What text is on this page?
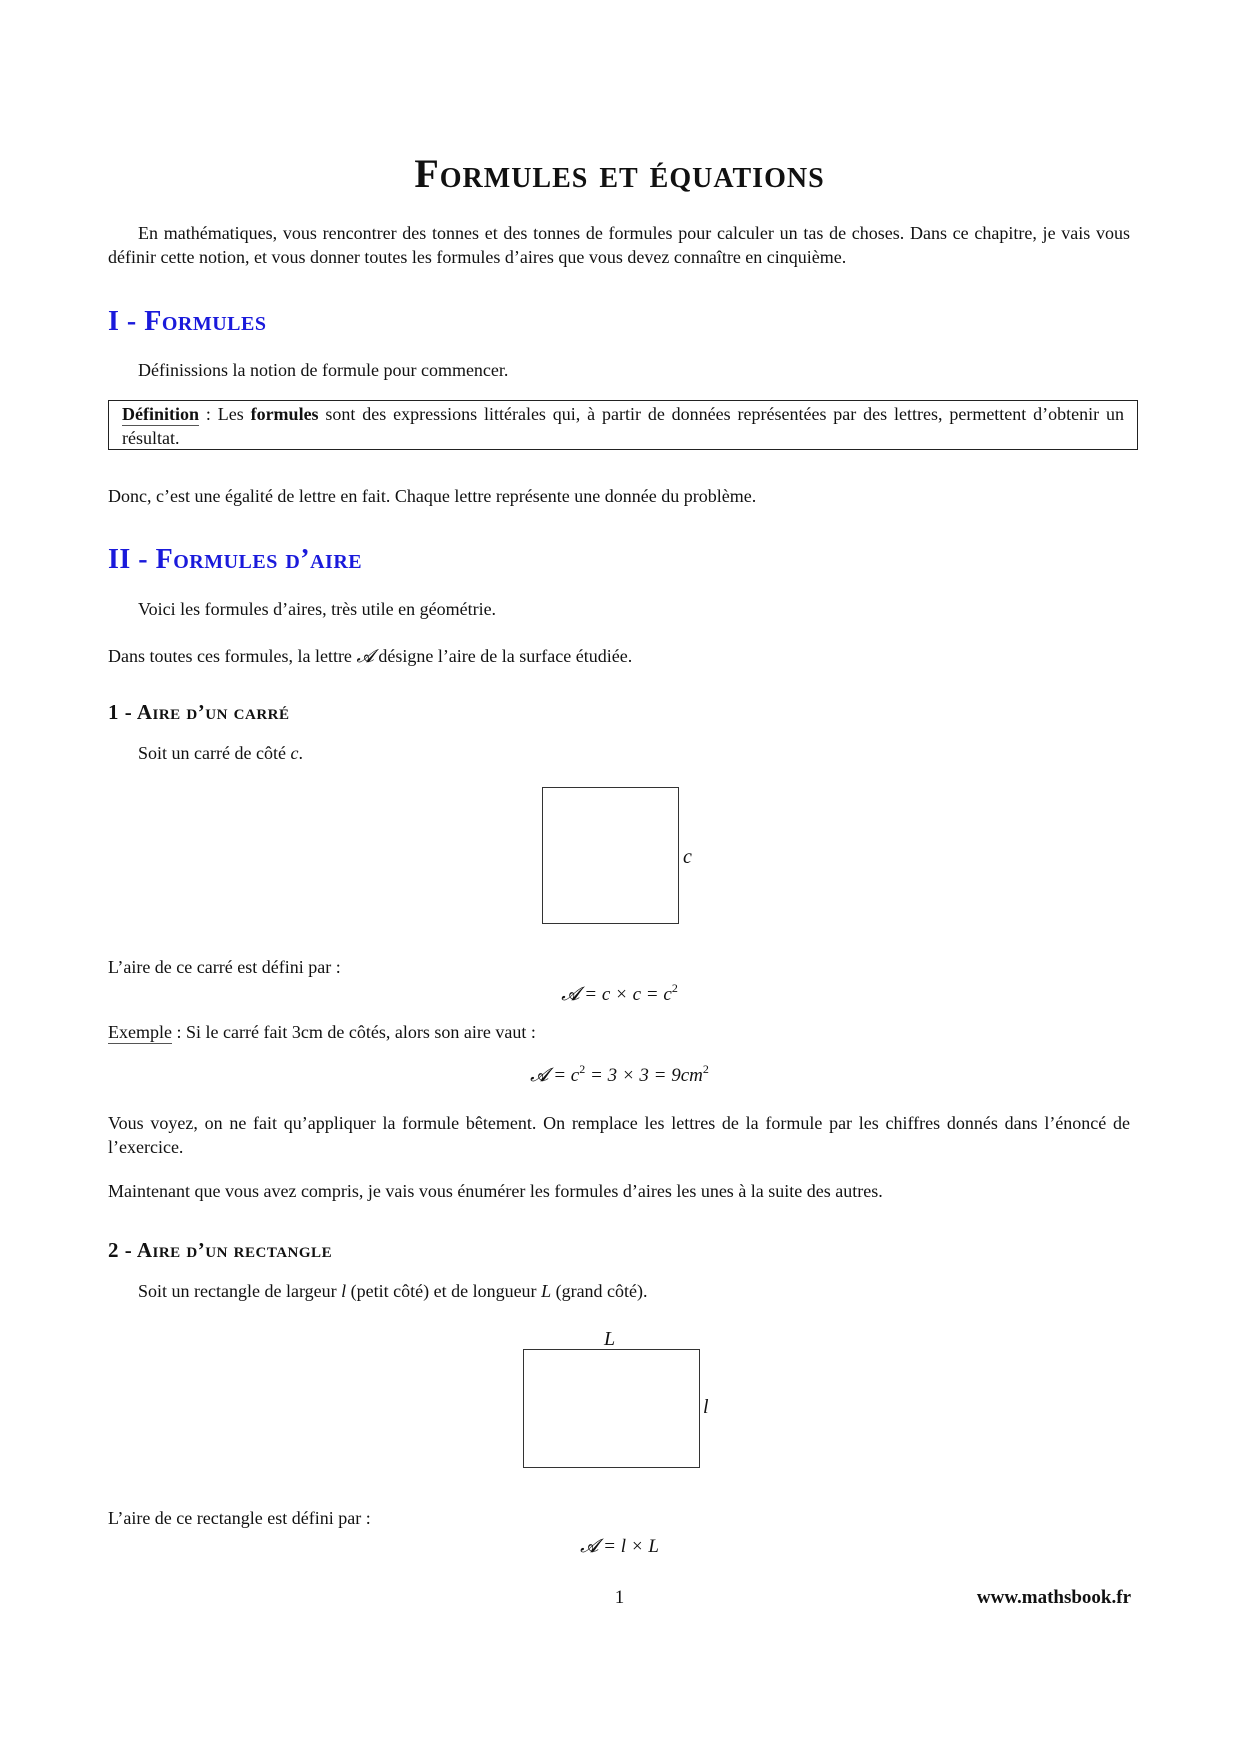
Formules et équations

En mathématiques, vous rencontrer des tonnes et des tonnes de formules pour calculer un tas de choses. Dans ce chapitre, je vais vous définir cette notion, et vous donner toutes les formules d’aires que vous devez connaître en cinquième.

I - Formules

Définissions la notion de formule pour commencer.

Définition : Les formules sont des expressions littérales qui, à partir de données représentées par des lettres, permettent d’obtenir un résultat.

Donc, c’est une égalité de lettre en fait. Chaque lettre représente une donnée du problème.

II - Formules d’aire

Voici les formules d’aires, très utile en géométrie.

Dans toutes ces formules, la lettre 𝓐 désigne l’aire de la surface étudiée.

1 - Aire d’un carré

Soit un carré de côté c.

c

L’aire de ce carré est défini par :

𝓐 = $c \times c = c^2$

Exemple : Si le carré fait 3cm de côtés, alors son aire vaut :

𝓐 = $c^2 = 3 \times 3 = 9cm^2$

Vous voyez, on ne fait qu’appliquer la formule bêtement. On remplace les lettres de la formule par les chiffres donnés dans l’énoncé de l’exercice.

Maintenant que vous avez compris, je vais vous énumérer les formules d’aires les unes à la suite des autres.

2 - Aire d’un rectangle

Soit un rectangle de largeur l (petit côté) et de longueur L (grand côté).

L
l

L’aire de ce rectangle est défini par :

𝓐 = l × L

1	www.mathsbook.fr
